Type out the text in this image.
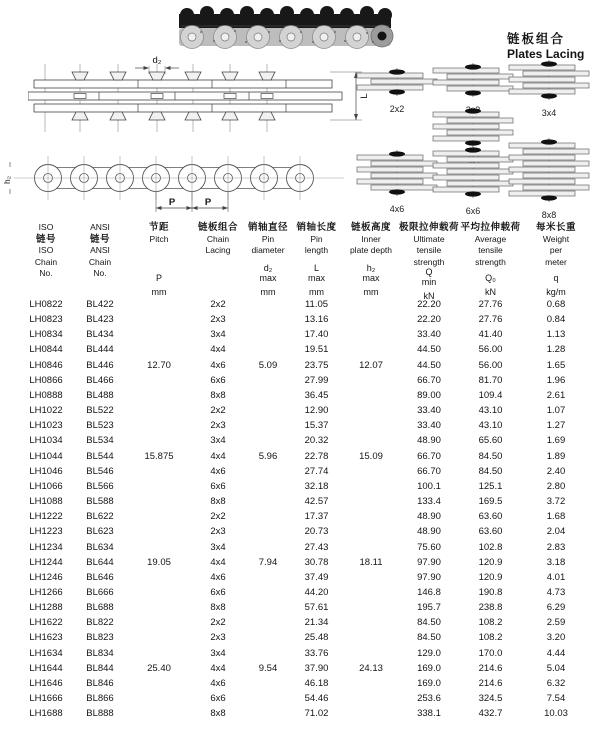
d₂
L
h₂
P	P
链板组合
Plates Lacing
2x2	3x4
4x6	6x6	8x8
ISO
链号
ISO
Chain
No.

ANSI
链号
ANSI
Chain
No.

节距
Pitch
P
mm

链板组合
Chain
Lacing

销轴直径
Pin
diameter
d₂
max
mm

销轴长度
Pin
length
L
max
mm

链板高度
Inner
plate depth
h₂
max
mm

极限拉伸载荷
Ultimate
tensile
strength
Q
min
kN

平均拉伸载荷
Average
tensile
strength
Q₀
kN

每米长重
Weight
per
meter
q
kg/m

LH0822	BL422		2x2		11.05		22.20	27.76	0.68
LH0823	BL423		2x3		13.16		22.20	27.76	0.84
LH0834	BL434		3x4		17.40		33.40	41.40	1.13
LH0844	BL444		4x4		19.51		44.50	56.00	1.28
LH0846	BL446	12.70	4x6	5.09	23.75	12.07	44.50	56.00	1.65
LH0866	BL466		6x6		27.99		66.70	81.70	1.96
LH0888	BL488		8x8		36.45		89.00	109.4	2.61
LH1022	BL522		2x2		12.90		33.40	43.10	1.07
LH1023	BL523		2x3		15.37		33.40	43.10	1.27
LH1034	BL534		3x4		20.32		48.90	65.60	1.69
LH1044	BL544	15.875	4x4	5.96	22.78	15.09	66.70	84.50	1.89
LH1046	BL546		4x6		27.74		66.70	84.50	2.40
LH1066	BL566		6x6		32.18		100.1	125.1	2.80
LH1088	BL588		8x8		42.57		133.4	169.5	3.72
LH1222	BL622		2x2		17.37		48.90	63.60	1.68
LH1223	BL623		2x3		20.73		48.90	63.60	2.04
LH1234	BL634		3x4		27.43		75.60	102.8	2.83
LH1244	BL644	19.05	4x4	7.94	30.78	18.11	97.90	120.9	3.18
LH1246	BL646		4x6		37.49		97.90	120.9	4.01
LH1266	BL666		6x6		44.20		146.8	190.8	4.73
LH1288	BL688		8x8		57.61		195.7	238.8	6.29
LH1622	BL822		2x2		21.34		84.50	108.2	2.59
LH1623	BL823		2x3		25.48		84.50	108.2	3.20
LH1634	BL834		3x4		33.76		129.0	170.0	4.44
LH1644	BL844	25.40	4x4	9.54	37.90	24.13	169.0	214.6	5.04
LH1646	BL846		4x6		46.18		169.0	214.6	6.32
LH1666	BL866		6x6		54.46		253.6	324.5	7.54
LH1688	BL888		8x8		71.02		338.1	432.7	10.03
